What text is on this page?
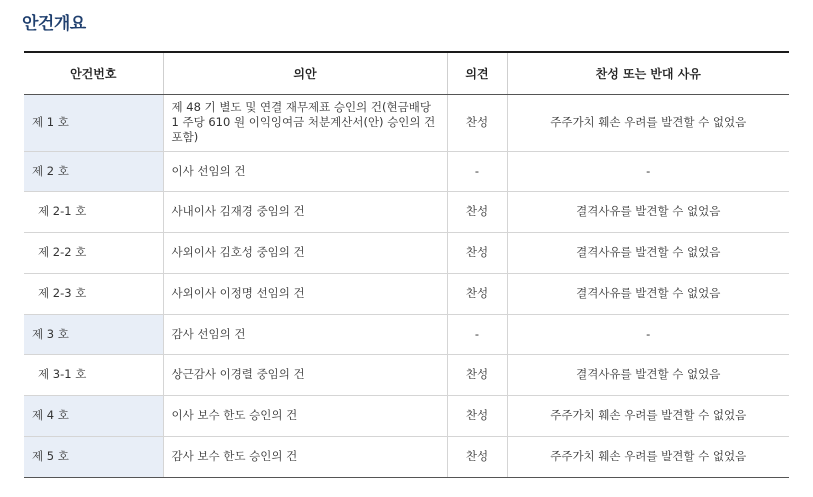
안건개요
안건번호	의안	의견	찬성 또는 반대 사유
제 1 호	제 48 기 별도 및 연결 재무제표 승인의 건(현금배당 1 주당 610 원 이익잉여금 처분계산서(안) 승인의 건 포함)	찬성	주주가치 훼손 우려를 발견할 수 없었음
제 2 호	이사 선임의 건	-	-
제 2-1 호	사내이사 김재경 중임의 건	찬성	결격사유를 발견할 수 없었음
제 2-2 호	사외이사 김호성 중임의 건	찬성	결격사유를 발견할 수 없었음
제 2-3 호	사외이사 이정명 선임의 건	찬성	결격사유를 발견할 수 없었음
제 3 호	감사 선임의 건	-	-
제 3-1 호	상근감사 이경렬 중임의 건	찬성	결격사유를 발견할 수 없었음
제 4 호	이사 보수 한도 승인의 건	찬성	주주가치 훼손 우려를 발견할 수 없었음
제 5 호	감사 보수 한도 승인의 건	찬성	주주가치 훼손 우려를 발견할 수 없었음
